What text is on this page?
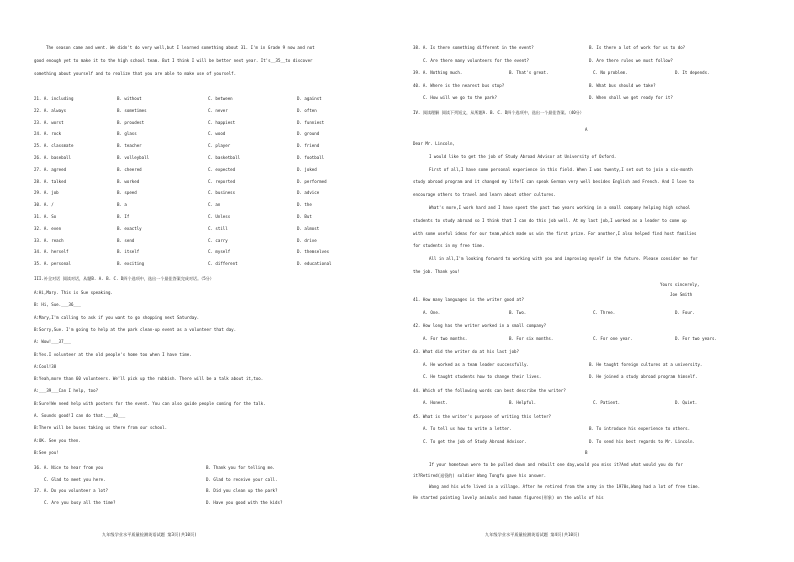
The season came and went. We didn't do very well,but I learned something about 31. I'm in Grade 9 now and not
good enough yet to make it to the high school team. But I think I will be better next year. It's__35__to discover
something about yourself and to realize that you are able to make use of yourself.
21. A. including	B. without	C. between	D. against
22. A. always	B. sometimes	C. never	D. often
23. A. worst	B. proudest	C. happiest	D. funniest
24. A. rock	B. glass	C. wood	D. ground
25. A. classmate	B. teacher	C. player	D. friend
26. A. baseball	B. volleyball	C. basketball	D. football
27. A. agreed	B. cheered	C. expected	D. joked
28. A. talked	B. worked	C. reported	D. performed
29. A. job	B. speed	C. business	D. advice
30. A. /	B. a	C. an	D. the
31. A. So	B. If	C. Unless	D. But
32. A. even	B. exactly	C. still	D. almost
33. A. reach	B. send	C. carry	D. drive
34. A. herself	B. itself	C. myself	D. themselves
35. A. personal	B. exciting	C. different	D. educational
III.补全对话 阅读对话，从题B. A. B. C. D四个选项中，选出一个最佳答案完成对话。（5分）
A:Hi,Mary. This is Sue speaking.
B: Hi, Sue.___36___
A:Mary,I'm calling to ask if you want to go shopping next Saturday.
B:Sorry,Sue. I'm going to help at the park clean-up event as a volunteer that day.
A: Wow!___37___
B:Yes.I volunteer at the old people's home too when I have time.
A:Cool!38
B:Yeah,more than 60 volunteers. We'll pick up the rubbish. There will be a talk about it,too.
A:___39___Can I help, too?
B:Sure!We need help with posters for the event. You can also guide people coming for the talk.
A. Sounds good!I can do that.___40___
B:There will be buses taking us there from our school.
A:OK. See you then.
B:See you!
36. A. Nice to hear from you	B. Thank you for telling me.
C. Glad to meet you here.	D. Glad to receive your call.
37. A. Do you volunteer a lot?	B. Did you clean up the park?
C. Are you busy all the time?	D. Have you good with the kids?
九年级学业水平质量检测英语试题 第3页(共10页)
38. A. Is there something different in the event?	B. Is there a lot of work for us to do?
C. Are there many volunteers for the event?	D. Are there rules we must follow?
39. A. Nothing much.	B. That's great.	C. No problem.	D. It depends.
40. A. Where is the nearest bus stop?	B. What bus should we take?
C. How will we go to the park?	D. When shall we get ready for it?
IV. 阅读理解 阅读下列短文，从所题A. B. C. D四个选项中，选出一个最佳答案。（40分）
A
Dear Mr. Lincoln,
I would like to get the job of Study Abroad Advisor at University of Oxford.
First of all,I have some personal experience in this field. When I was twenty,I set out to join a six-month
study abroad program and it changed my life!I can speak German very well besides English and French. And I love to
encourage others to travel and learn about other cultures.
What's more,I work hard and I have spent the past two years working in a small company helping high school
students to study abroad so I think that I can do this job well. At my last job,I worked as a leader to come up
with some useful ideas for our team,which made us win the first prize. For another,I also helped find host families
for students in my free time.
All in all,I'm looking forward to working with you and improving myself in the future. Please consider me for
the job. Thank you!
Yours sincerely,
Joe Smith
41. How many languages is the writer good at?
A. One.	B. Two.	C. Three.	D. Four.
42. How long has the writer worked in a small company?
A. For two months.	B. For six months.	C. For one year.	D. For two years.
43. What did the writer do at his last job?
A. He worked as a team leader successfully.	B. He taught foreign cultures at a university.
C. He taught students how to change their lives.	D. He joined a study abroad program himself.
44. Which of the following words can best describe the writer?
A. Honest.	B. Helpful.	C. Patient.	D. Quiet.
45. What is the writer's purpose of writing this letter?
A. To tell us how to write a letter.	B. To introduce his experience to others.
C. To get the job of Study Abroad Advisor.	D. To send his best regards to Mr. Lincoln.
B
If your hometown were to be pulled down and rebuilt one day,would you miss it?And what would you do for
it?Retired(退役的) soldier Wang Tongfu gave his answer.
Wang and his wife lived in a village. After he retired from the army in the 1970s,Wang had a lot of free time.
He started painting lovely animals and human figures(形象) on the walls of his
九年级学业水平质量检测英语试题 第4页(共10页)
